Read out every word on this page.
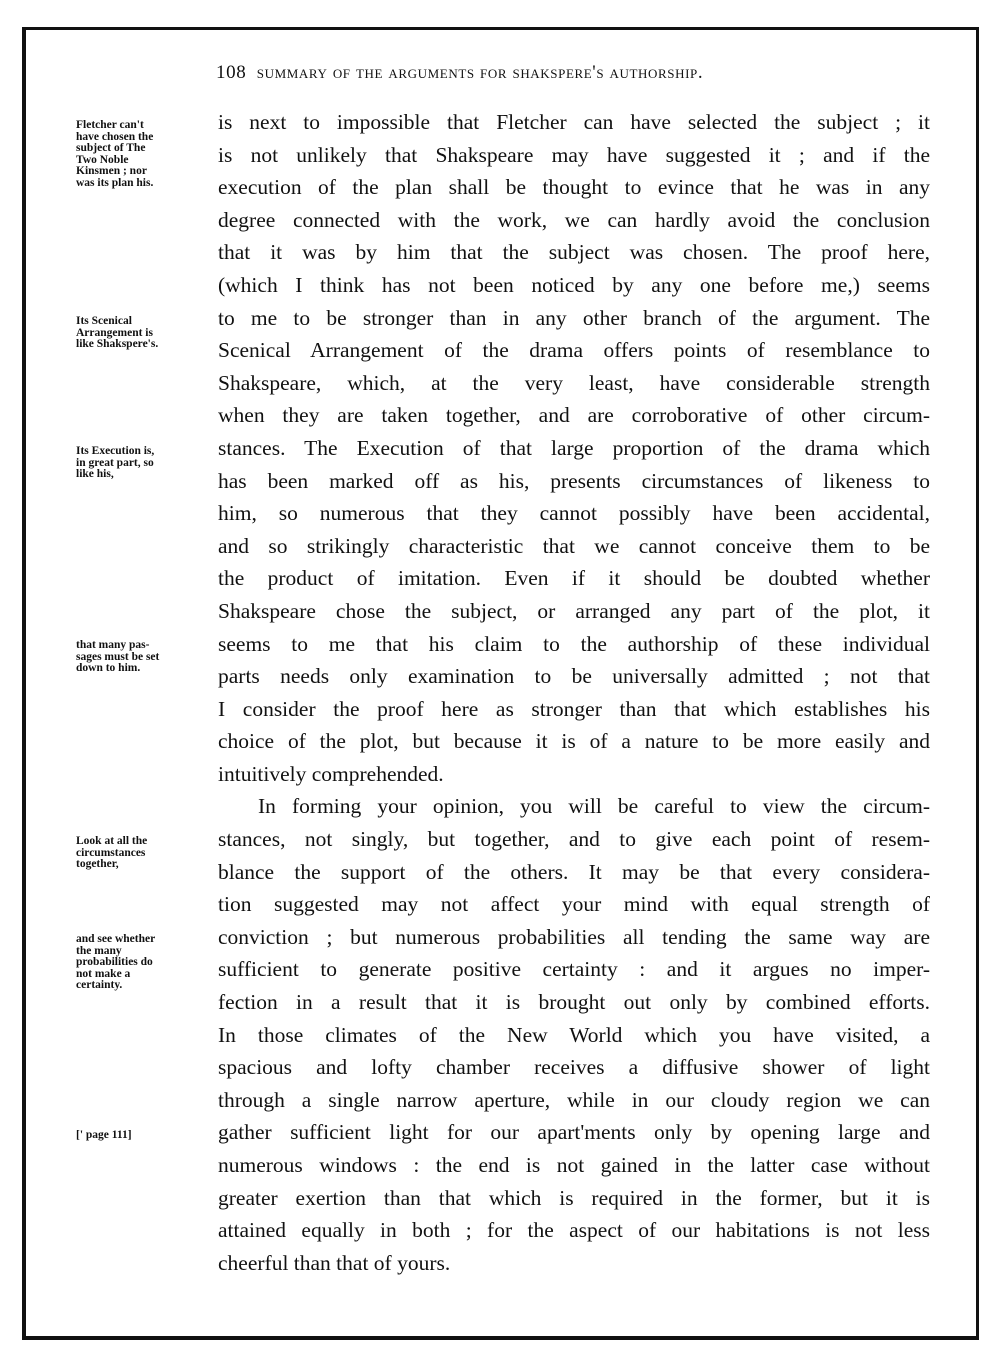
108 summary of the arguments for shakspere's authorship.
Fletcher can't
have chosen the
subject of The
Two Noble
Kinsmen ; nor
was its plan his.
Its Scenical
Arrangement is
like Shakspere's.
Its Execution is,
in great part, so
like his,
that many pas-
sages must be set
down to him.
Look at all the
circumstances
together,
and see whether
the many
probabilities do
not make a
certainty.
[' page 111]
is next to impossible that Fletcher can have selected the subject ; it
is not unlikely that Shakspeare may have suggested it ; and if the
execution of the plan shall be thought to evince that he was in any
degree connected with the work, we can hardly avoid the conclusion
that it was by him that the subject was chosen. The proof here,
(which I think has not been noticed by any one before me,) seems
to me to be stronger than in any other branch of the argument. The
Scenical Arrangement of the drama offers points of resemblance to
Shakspeare, which, at the very least, have considerable strength
when they are taken together, and are corroborative of other circum-
stances. The Execution of that large proportion of the drama which
has been marked off as his, presents circumstances of likeness to
him, so numerous that they cannot possibly have been accidental,
and so strikingly characteristic that we cannot conceive them to be
the product of imitation. Even if it should be doubted whether
Shakspeare chose the subject, or arranged any part of the plot, it
seems to me that his claim to the authorship of these individual
parts needs only examination to be universally admitted ; not that
I consider the proof here as stronger than that which establishes his
choice of the plot, but because it is of a nature to be more easily and
intuitively comprehended.
In forming your opinion, you will be careful to view the circum-
stances, not singly, but together, and to give each point of resem-
blance the support of the others. It may be that every considera-
tion suggested may not affect your mind with equal strength of
conviction ; but numerous probabilities all tending the same way are
sufficient to generate positive certainty : and it argues no imper-
fection in a result that it is brought out only by combined efforts.
In those climates of the New World which you have visited, a
spacious and lofty chamber receives a diffusive shower of light
through a single narrow aperture, while in our cloudy region we can
gather sufficient light for our apart'ments only by opening large and
numerous windows : the end is not gained in the latter case without
greater exertion than that which is required in the former, but it is
attained equally in both ; for the aspect of our habitations is not less
cheerful than that of yours.
